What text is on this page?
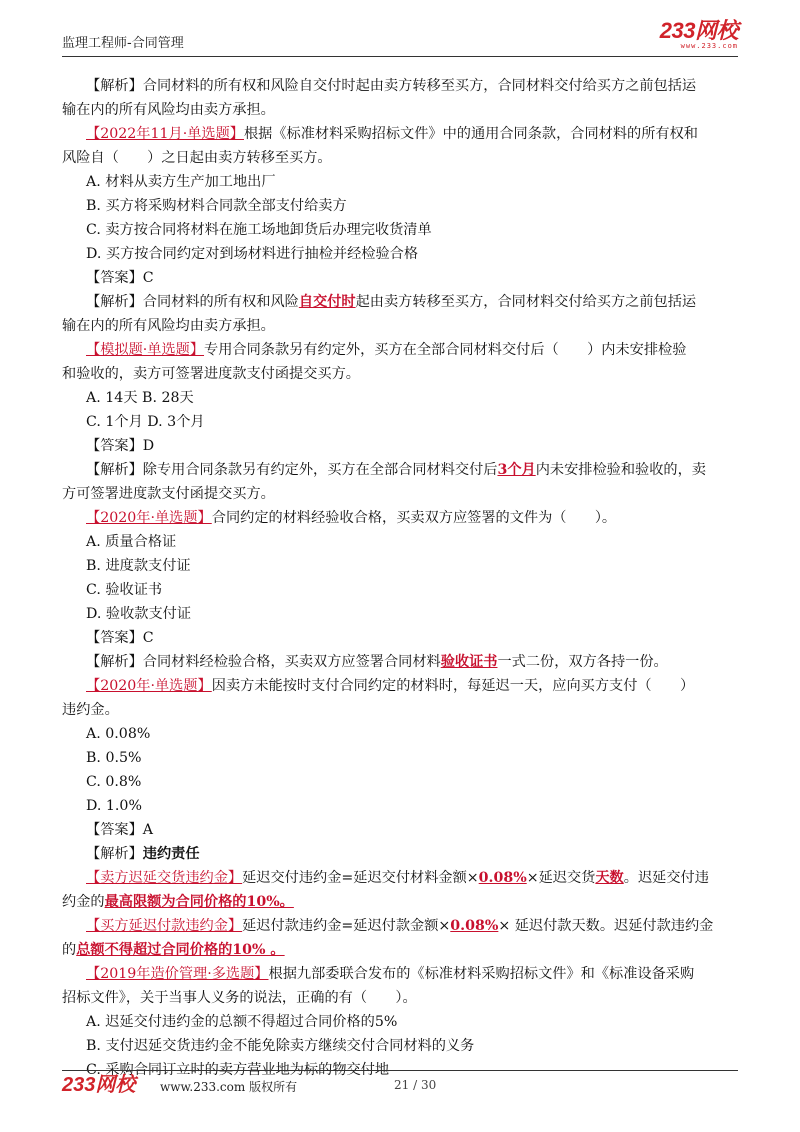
监理工程师-合同管理
233网校
www.233.com
【解析】合同材料的所有权和风险自交付时起由卖方转移至买方，合同材料交付给买方之前包括运
输在内的所有风险均由卖方承担。
【2022年11月·单选题】根据《标准材料采购招标文件》中的通用合同条款，合同材料的所有权和
风险自（　　）之日起由卖方转移至买方。
A. 材料从卖方生产加工地出厂
B. 买方将采购材料合同款全部支付给卖方
C. 卖方按合同将材料在施工场地卸货后办理完收货清单
D. 买方按合同约定对到场材料进行抽检并经检验合格
【答案】C
【解析】合同材料的所有权和风险自交付时起由卖方转移至买方，合同材料交付给买方之前包括运
输在内的所有风险均由卖方承担。
【模拟题·单选题】专用合同条款另有约定外，买方在全部合同材料交付后（　　）内未安排检验
和验收的，卖方可签署进度款支付函提交买方。
A. 14天 B. 28天
C. 1个月 D. 3个月
【答案】D
【解析】除专用合同条款另有约定外，买方在全部合同材料交付后3个月内未安排检验和验收的，卖
方可签署进度款支付函提交买方。
【2020年·单选题】合同约定的材料经验收合格，买卖双方应签署的文件为（　　）。
A. 质量合格证
B. 进度款支付证
C. 验收证书
D. 验收款支付证
【答案】C
【解析】合同材料经检验合格，买卖双方应签署合同材料验收证书一式二份，双方各持一份。
【2020年·单选题】因卖方未能按时支付合同约定的材料时，每延迟一天，应向买方支付（　　）
违约金。
A. 0.08%
B. 0.5%
C. 0.8%
D. 1.0%
【答案】A
【解析】违约责任
【卖方迟延交货违约金】延迟交付违约金=延迟交付材料金额×0.08%×延迟交货天数。迟延交付违
约金的最高限额为合同价格的10%。
【买方延迟付款违约金】延迟付款违约金=延迟付款金额×0.08%× 延迟付款天数。迟延付款违约金
的总额不得超过合同价格的10% 。
【2019年造价管理·多选题】根据九部委联合发布的《标准材料采购招标文件》和《标准设备采购
招标文件》，关于当事人义务的说法，正确的有（　　）。
A. 迟延交付违约金的总额不得超过合同价格的5%
B. 支付迟延交货违约金不能免除卖方继续交付合同材料的义务
C. 采购合同订立时的卖方营业地为标的物交付地
233网校 www.233.com 版权所有	21 / 30
